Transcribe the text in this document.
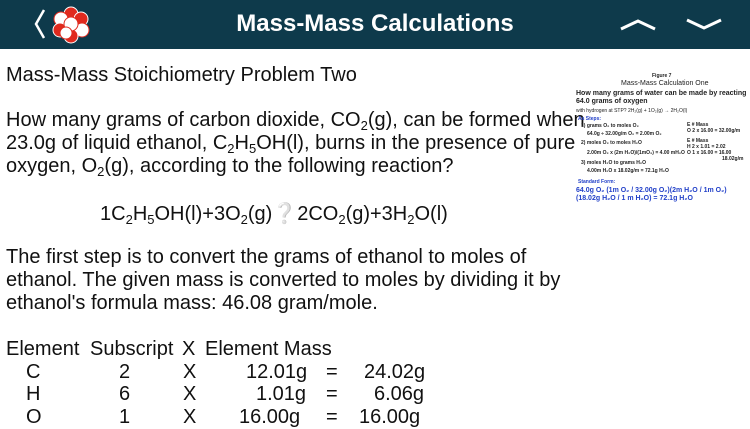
Mass-Mass Calculations
Mass-Mass Stoichiometry Problem Two
How many grams of carbon dioxide, $CO_2(g)$, can be formed when
23.0g of liquid ethanol, $C_2H_5OH(l)$, burns in the presence of pure
oxygen, $O_2(g)$, according to the following reaction?
$1C_2H_5OH(l)+3O_2(g)❔2CO_2(g)+3H_2O(l)$
The first step is to convert the grams of ethanol to moles of
ethanol. The given mass is converted to moles by dividing it by
ethanol's formula mass: 46.08 gram/mole.
Element Subscript X Element Mass
C	2	X 12.01g = 24.02g
H	6	X	1.01g = 6.06g
O	1	X 16.00g = 16.00g
Figure 7
Mass-Mass Calculation One
How many grams of water can be made by reacting 64.0 grams of oxygen
with hydrogen at STP? 2H₂(g) + 1O₂(g) → 2H₂O(l)
As Steps:
1) grams O₂ to moles O₂
64.0g ÷ 32.00g/m O₂ = 2.00m O₂
2) moles O₂ to moles H₂O
2.00m O₂ x (2m H₂O)/(1mO₂) = 4.00 mH₂O
3) moles H₂O to grams H₂O
4.00m H₂O x 18.02g/m = 72.1g H₂O
E # Mass
O 2 x 16.00 = 32.00g/m
E # Mass
H 2 x 1.01 = 2.02
O 1 x 16.00 = 16.00
18.02g/m
Standard Form:
64.0g O₂ (1m O₂ / 32.00g O₂)(2m H₂O / 1m O₂)(18.02g H₂O / 1 m H₂O) = 72.1g H₂O
